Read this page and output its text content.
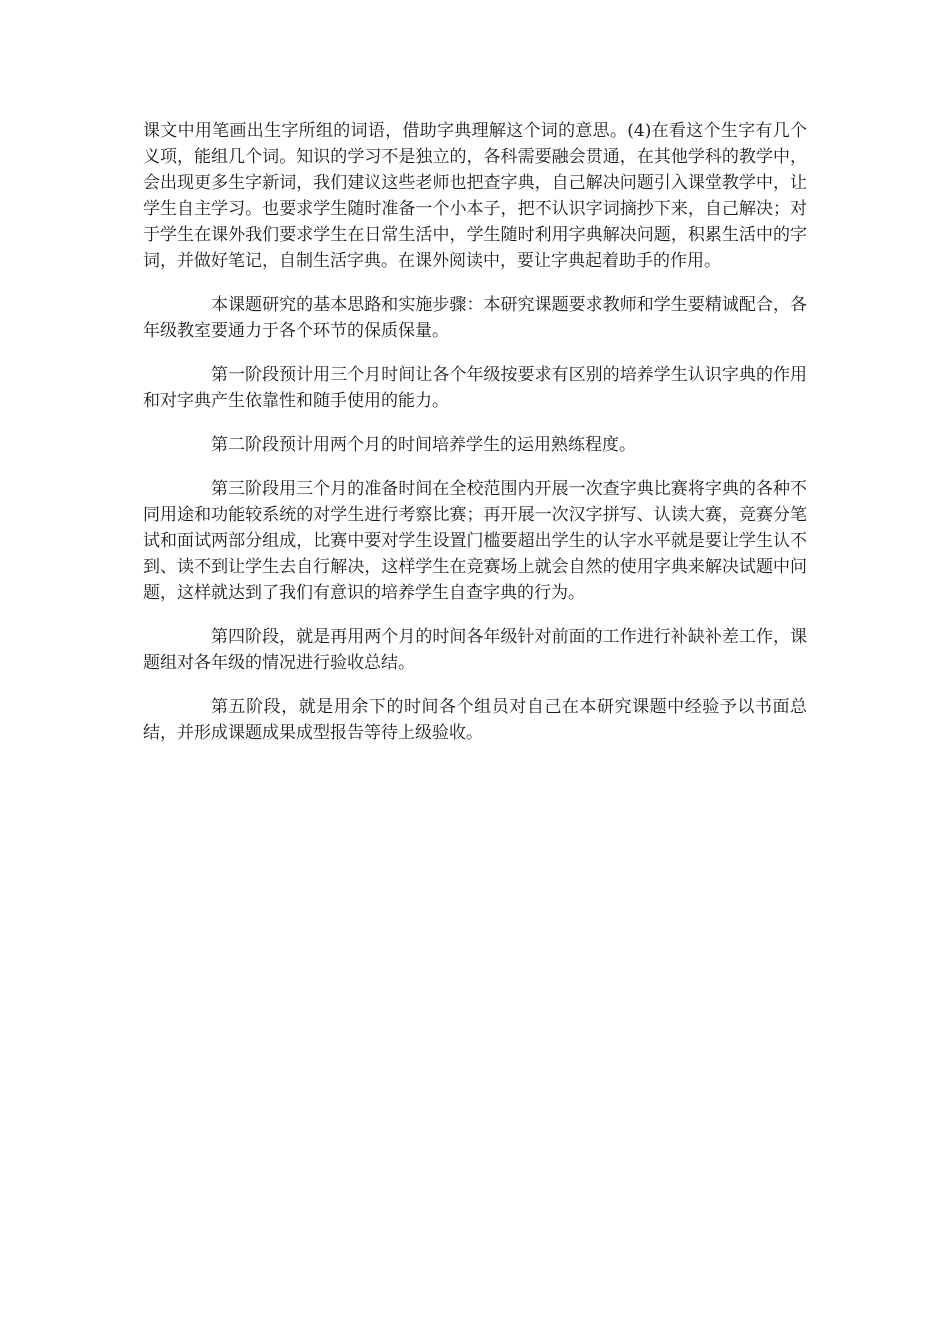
课文中用笔画出生字所组的词语，借助字典理解这个词的意思。(4)在看这个生字有几个义项，能组几个词。知识的学习不是独立的，各科需要融会贯通，在其他学科的教学中，会出现更多生字新词，我们建议这些老师也把查字典，自己解决问题引入课堂教学中，让学生自主学习。也要求学生随时准备一个小本子，把不认识字词摘抄下来，自己解决；对于学生在课外我们要求学生在日常生活中，学生随时利用字典解决问题，积累生活中的字词，并做好笔记，自制生活字典。在课外阅读中，要让字典起着助手的作用。

本课题研究的基本思路和实施步骤：本研究课题要求教师和学生要精诚配合，各年级教室要通力于各个环节的保质保量。

第一阶段预计用三个月时间让各个年级按要求有区别的培养学生认识字典的作用和对字典产生依靠性和随手使用的能力。

第二阶段预计用两个月的时间培养学生的运用熟练程度。

第三阶段用三个月的准备时间在全校范围内开展一次查字典比赛将字典的各种不同用途和功能较系统的对学生进行考察比赛；再开展一次汉字拼写、认读大赛，竞赛分笔试和面试两部分组成，比赛中要对学生设置门槛要超出学生的认字水平就是要让学生认不到、读不到让学生去自行解决，这样学生在竞赛场上就会自然的使用字典来解决试题中问题，这样就达到了我们有意识的培养学生自查字典的行为。

第四阶段，就是再用两个月的时间各年级针对前面的工作进行补缺补差工作，课题组对各年级的情况进行验收总结。

第五阶段，就是用余下的时间各个组员对自己在本研究课题中经验予以书面总结，并形成课题成果成型报告等待上级验收。
